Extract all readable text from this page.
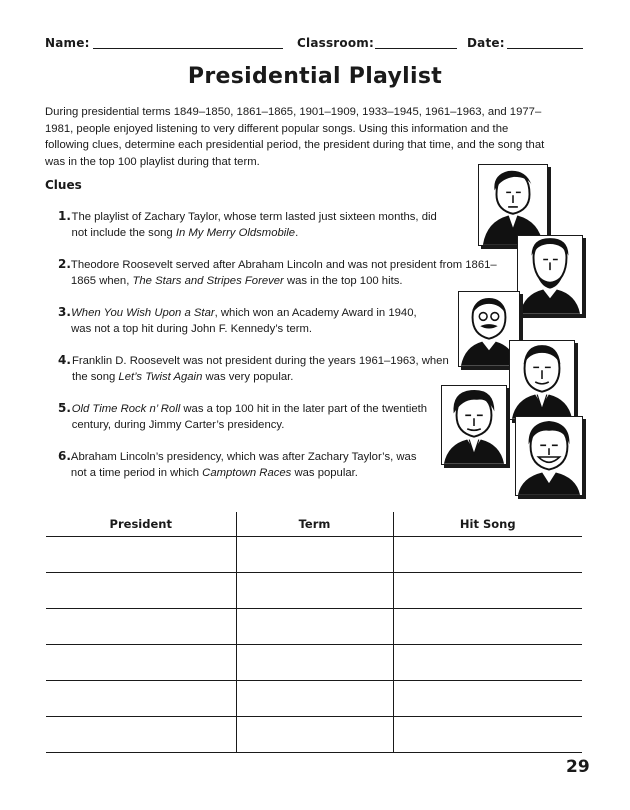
Name:	Classroom:	Date:
Presidential Playlist
During presidential terms 1849–1850, 1861–1865, 1901–1909, 1933–1945, 1961–1963, and 1977–1981, people enjoyed listening to very different popular songs. Using this information and the following clues, determine each presidential period, the president during that time, and the song that was in the top 100 playlist during that term.
Clues
1. The playlist of Zachary Taylor, whose term lasted just sixteen months, did not include the song In My Merry Oldsmobile.
2. Theodore Roosevelt served after Abraham Lincoln and was not president from 1861–1865 when, The Stars and Stripes Forever was in the top 100 hits.
3. When You Wish Upon a Star, which won an Academy Award in 1940, was not a top hit during John F. Kennedy’s term.
4. Franklin D. Roosevelt was not president during the years 1961–1963, when the song Let’s Twist Again was very popular.
5. Old Time Rock n’ Roll was a top 100 hit in the later part of the twentieth century, during Jimmy Carter’s presidency.
6. Abraham Lincoln’s presidency, which was after Zachary Taylor’s, was not a time period in which Camptown Races was popular.
President	Term	Hit Song

29
